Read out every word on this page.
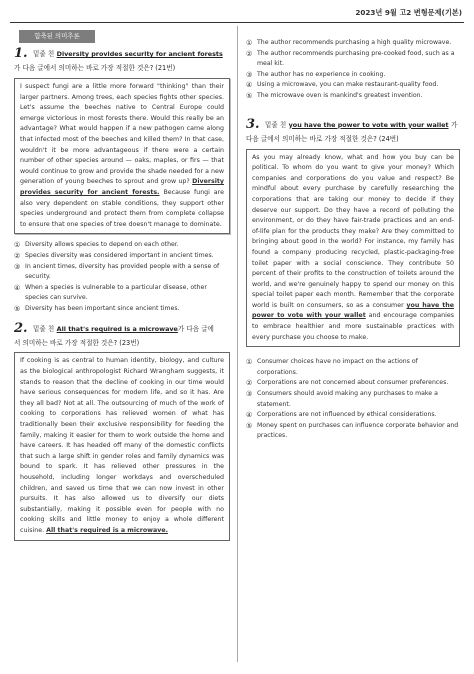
2023년 9월 고2 변형문제(기본)
함축된 의미추론
1. 밑줄 친 Diversity provides security for ancient forests 가 다음 글에서 의미하는 바로 가장 적절한 것은? (21번)
I suspect fungi are a little more forward "thinking" than their larger partners. Among trees, each species fights other species. Let's assume the beeches native to Central Europe could emerge victorious in most forests there. Would this really be an advantage? What would happen if a new pathogen came along that infected most of the beeches and killed them? In that case, wouldn't it be more advantageous if there were a certain number of other species around — oaks, maples, or firs — that would continue to grow and provide the shade needed for a new generation of young beeches to sprout and grow up? Diversity provides security for ancient forests. Because fungi are also very dependent on stable conditions, they support other species underground and protect them from complete collapse to ensure that one species of tree doesn't manage to dominate.
① Diversity allows species to depend on each other.
② Species diversity was considered important in ancient times.
③ In ancient times, diversity has provided people with a sense of security.
④ When a species is vulnerable to a particular disease, other species can survive.
⑤ Diversity has been important since ancient times.
2. 밑줄 친 All that's required is a microwave가 다음 글에
서 의미하는 바로 가장 적절한 것은? (23번)
If cooking is as central to human identity, biology, and culture as the biological anthropologist Richard Wrangham suggests, it stands to reason that the decline of cooking in our time would have serious consequences for modern life, and so it has. Are they all bad? Not at all. The outsourcing of much of the work of cooking to corporations has relieved women of what has traditionally been their exclusive responsibility for feeding the family, making it easier for them to work outside the home and have careers. It has headed off many of the domestic conflicts that such a large shift in gender roles and family dynamics was bound to spark. It has relieved other pressures in the household, including longer workdays and overscheduled children, and saved us time that we can now invest in other pursuits. It has also allowed us to diversify our diets substantially, making it possible even for people with no cooking skills and little money to enjoy a whole different cuisine. All that's required is a microwave.
① The author recommends purchasing a high quality microwave.
② The author recommends purchasing pre-cooked food, such as a meal kit.
③ The author has no experience in cooking.
④ Using a microwave, you can make restaurant-quality food.
⑤ The microwave oven is mankind's greatest invention.
3. 밑줄 친 you have the power to vote with your wallet 가 다음 글에서 의미하는 바로 가장 적절한 것은? (24번)
As you may already know, what and how you buy can be political. To whom do you want to give your money? Which companies and corporations do you value and respect? Be mindful about every purchase by carefully researching the corporations that are taking our money to decide if they deserve our support. Do they have a record of polluting the environment, or do they have fair-trade practices and an end-of-life plan for the products they make? Are they committed to bringing about good in the world? For instance, my family has found a company producing recycled, plastic-packaging-free toilet paper with a social conscience. They contribute 50 percent of their profits to the construction of toilets around the world, and we're genuinely happy to spend our money on this special toilet paper each month. Remember that the corporate world is built on consumers, so as a consumer you have the power to vote with your wallet and encourage companies to embrace healthier and more sustainable practices with every purchase you choose to make.
① Consumer choices have no impact on the actions of corporations.
② Corporations are not concerned about consumer preferences.
③ Consumers should avoid making any purchases to make a statement.
④ Corporations are not influenced by ethical considerations.
⑤ Money spent on purchases can influence corporate behavior and practices.
